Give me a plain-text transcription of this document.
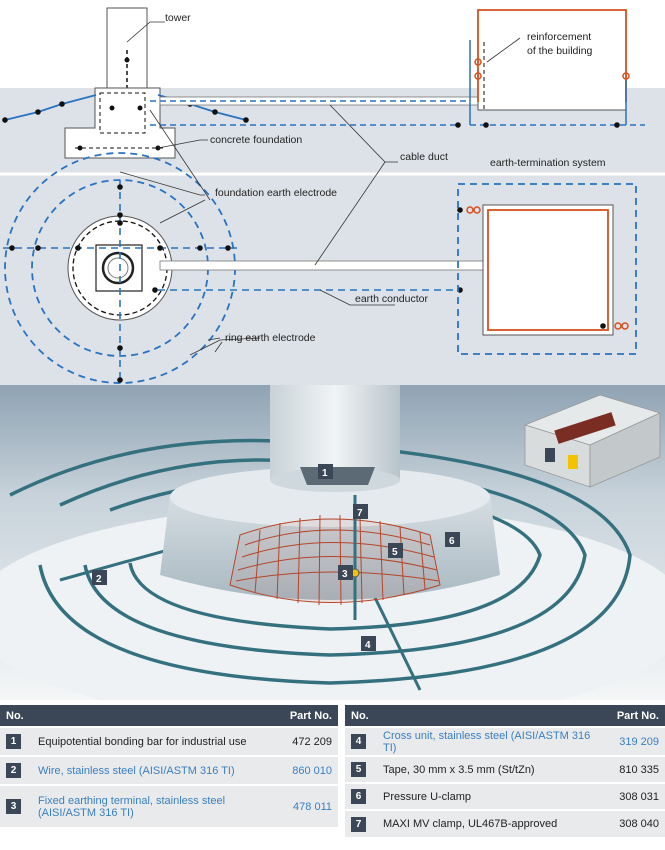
tower
reinforcement
of the building
concrete foundation
cable duct	earth-termination system
foundation earth electrode
earth conductor
ring earth electrode
1
2	3
4
5
6
7
No.		Part No.
1	Equipotential bonding bar for industrial use	472 209
2	Wire, stainless steel (AISI/ASTM 316 TI)	860 010
3	Fixed earthing terminal, stainless steel (AISI/ASTM 316 TI)	478 011
No.		Part No.
4	Cross unit, stainless steel (AISI/ASTM 316 TI)	319 209
5	Tape, 30 mm x 3.5 mm (St/tZn)	810 335
6	Pressure U-clamp	308 031
7	MAXI MV clamp, UL467B-approved	308 040
